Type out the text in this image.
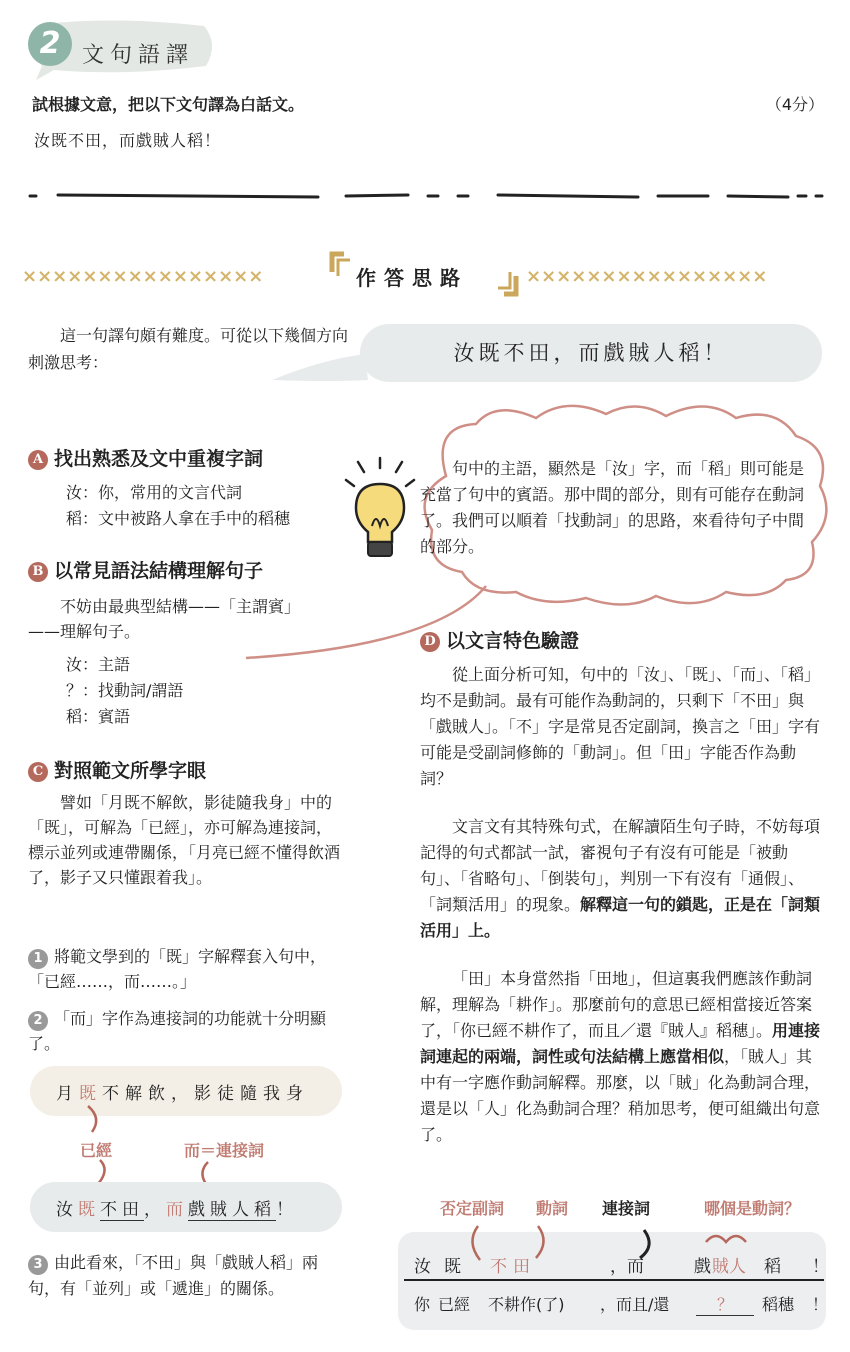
2 文句語譯
試根據文意，把以下文句譯為白話文。	（4分）
汝既不田，而戲賊人稻！
××××××××××××××××	××××××××××××××××
作答思路
這一句譯句頗有難度。可從以下幾個方向刺激思考：	汝既不田，而戲賊人稻！
句中的主語，顯然是「汝」字，而「稻」則可能是充當了句中的賓語。那中間的部分，則有可能存在動詞了。我們可以順着「找動詞」的思路，來看待句子中間的部分。
A 找出熟悉及文中重複字詞
汝：你，常用的文言代詞
稻：文中被路人拿在手中的稻穗
B 以常見語法結構理解句子
不妨由最典型結構——「主謂賓」——理解句子。
汝：主語
？：找動詞/謂語
稻：賓語
C 對照範文所學字眼
譬如「月既不解飲，影徒隨我身」中的「既」，可解為「已經」，亦可解為連接詞，標示並列或連帶關係，「月亮已經不懂得飲酒了，影子又只懂跟着我」。
1 將範文學到的「既」字解釋套入句中，「已經……，而……。」
2 「而」字作為連接詞的功能就十分明顯了。
月既不解飲，影徒隨我身
已經	而＝連接詞
汝既不田，而戲賊人稻！
3 由此看來，「不田」與「戲賊人稻」兩句，有「並列」或「遞進」的關係。
D 以文言特色驗證
從上面分析可知，句中的「汝」、「既」、「而」、「稻」均不是動詞。最有可能作為動詞的，只剩下「不田」與「戲賊人」。「不」字是常見否定副詞，換言之「田」字有可能是受副詞修飾的「動詞」。但「田」字能否作為動詞？
文言文有其特殊句式，在解讀陌生句子時，不妨每項記得的句式都試一試，審視句子有沒有可能是「被動句」、「省略句」、「倒裝句」，判別一下有沒有「通假」、「詞類活用」的現象。解釋這一句的鎖匙，正是在「詞類活用」上。
「田」本身當然指「田地」，但這裏我們應該作動詞解，理解為「耕作」。那麼前句的意思已經相當接近答案了，「你已經不耕作了，而且／還『賊人』稻穗」。用連接詞連起的兩端，詞性或句法結構上應當相似，「賊人」其中有一字應作動詞解釋。那麼，以「賊」化為動詞合理，還是以「人」化為動詞合理？稍加思考，便可組織出句意了。
否定副詞 動詞 連接詞	哪個是動詞？
汝 既 不田	，而	戲 賊人 稻 ！
你 已經 不耕作(了) ，而且/還	？	稻穗 ！
